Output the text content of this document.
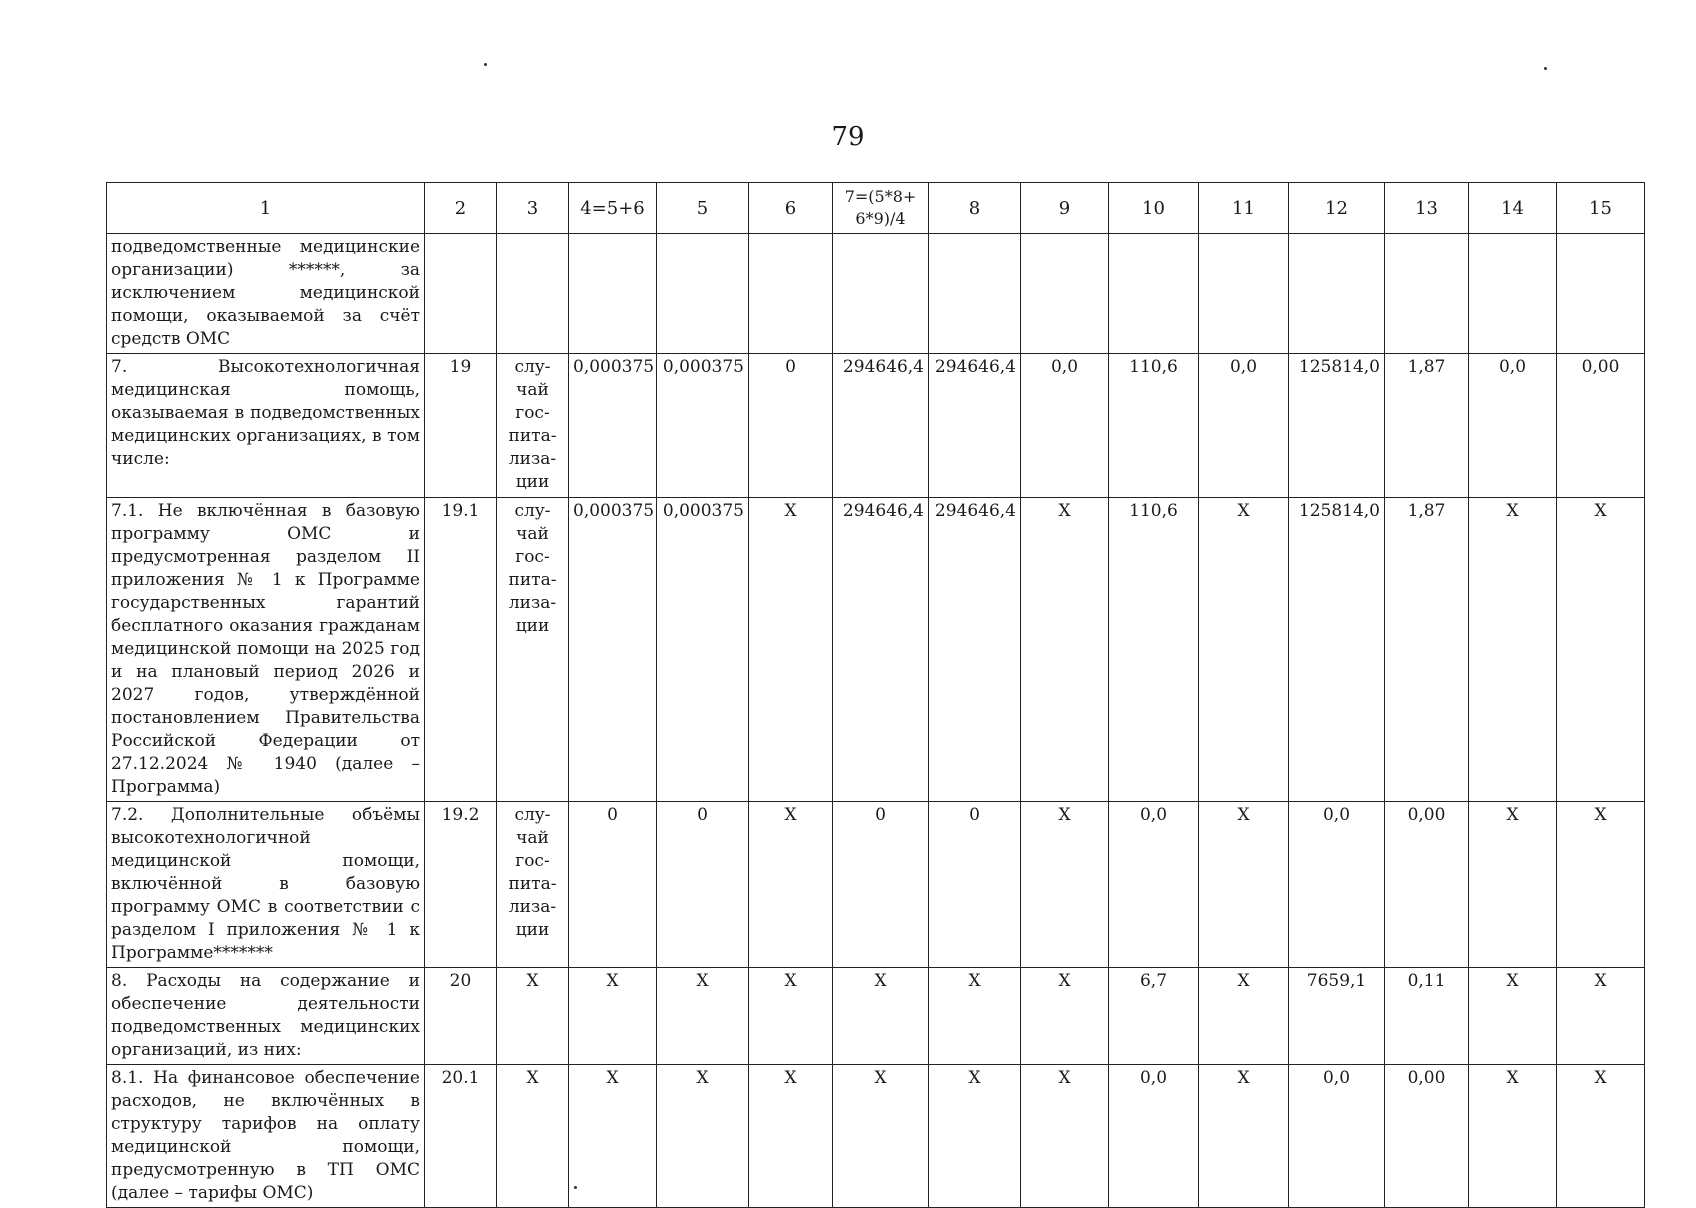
79
1	2	3	4=5+6	5	6	7=(5*8+ 6*9)/4	8	9	10	11	12	13	14	15
подведомственные медицинские организации) ******, за исключением медицинской помощи, оказываемой за счёт средств ОМС														
7. Высокотехнологичная медицинская помощь, оказываемая в подведомственных медицинских организациях, в том числе:	19	слу- чай гос- пита- лиза- ции	0,000375	0,000375	0	294646,4	294646,4	0,0	110,6	0,0	125814,0	1,87	0,0	0,00
7.1. Не включённая в базовую программу ОМС и предусмотренная разделом II приложения № 1 к Программе государственных гарантий бесплатного оказания гражданам медицинской помощи на 2025 год и на плановый период 2026 и 2027 годов, утверждённой постановлением Правительства Российской Федерации от 27.12.2024 № 1940 (далее – Программа)	19.1	слу- чай гос- пита- лиза- ции	0,000375	0,000375	X	294646,4	294646,4	X	110,6	X	125814,0	1,87	X	X
7.2. Дополнительные объёмы высокотехнологичной медицинской помощи, включённой в базовую программу ОМС в соответствии с разделом I приложения № 1 к Программе*******	19.2	слу- чай гос- пита- лиза- ции	0	0	X	0	0	X	0,0	X	0,0	0,00	X	X
8. Расходы на содержание и обеспечение деятельности подведомственных медицинских организаций, из них:	20	X	X	X	X	X	X	X	6,7	X	7659,1	0,11	X	X
8.1. На финансовое обеспечение расходов, не включённых в структуру тарифов на оплату медицинской помощи, предусмотренную в ТП ОМС (далее – тарифы ОМС)	20.1	X	X	X	X	X	X	X	0,0	X	0,0	0,00	X	X
